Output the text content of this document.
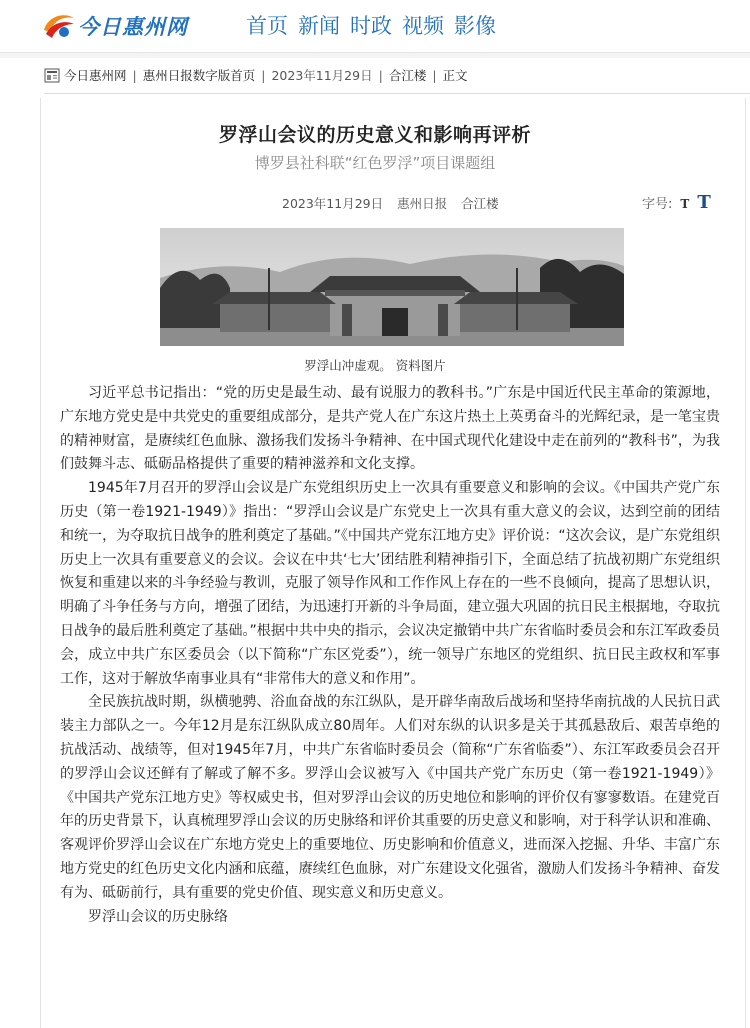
今日惠州网	首页 新闻 时政 视频 影像
今日惠州网 | 惠州日报数字版首页 | 2023年11月29日 | 合江楼 | 正文
罗浮山会议的历史意义和影响再评析
博罗县社科联“红色罗浮”项目课题组
2023年11月29日 惠州日报 合江楼	字号: T T
罗浮山冲虚观。 资料图片

习近平总书记指出：“党的历史是最生动、最有说服力的教科书。”广东是中国近代民主革命的策源地，广东地方党史是中共党史的重要组成部分，是共产党人在广东这片热土上英勇奋斗的光辉纪录，是一笔宝贵的精神财富，是赓续红色血脉、激扬我们发扬斗争精神、在中国式现代化建设中走在前列的“教科书”，为我们鼓舞斗志、砥砺品格提供了重要的精神滋养和文化支撑。

1945年7月召开的罗浮山会议是广东党组织历史上一次具有重要意义和影响的会议。《中国共产党广东历史（第一卷1921-1949）》指出：“罗浮山会议是广东党史上一次具有重大意义的会议，达到空前的团结和统一，为夺取抗日战争的胜利奠定了基础。”《中国共产党东江地方史》评价说：“这次会议，是广东党组织历史上一次具有重要意义的会议。会议在中共‘七大’团结胜利精神指引下，全面总结了抗战初期广东党组织恢复和重建以来的斗争经验与教训，克服了领导作风和工作作风上存在的一些不良倾向，提高了思想认识，明确了斗争任务与方向，增强了团结，为迅速打开新的斗争局面，建立强大巩固的抗日民主根据地，夺取抗日战争的最后胜利奠定了基础。”根据中共中央的指示，会议决定撤销中共广东省临时委员会和东江军政委员会，成立中共广东区委员会（以下简称“广东区党委”），统一领导广东地区的党组织、抗日民主政权和军事工作，这对于解放华南事业具有“非常伟大的意义和作用”。

全民族抗战时期，纵横驰骋、浴血奋战的东江纵队，是开辟华南敌后战场和坚持华南抗战的人民抗日武装主力部队之一。今年12月是东江纵队成立80周年。人们对东纵的认识多是关于其孤悬敌后、艰苦卓绝的抗战活动、战绩等，但对1945年7月，中共广东省临时委员会（简称“广东省临委”）、东江军政委员会召开的罗浮山会议还鲜有了解或了解不多。罗浮山会议被写入《中国共产党广东历史（第一卷1921-1949）》《中国共产党东江地方史》等权威史书，但对罗浮山会议的历史地位和影响的评价仅有寥寥数语。在建党百年的历史背景下，认真梳理罗浮山会议的历史脉络和评价其重要的历史意义和影响，对于科学认识和准确、客观评价罗浮山会议在广东地方党史上的重要地位、历史影响和价值意义，进而深入挖掘、升华、丰富广东地方党史的红色历史文化内涵和底蕴，赓续红色血脉，对广东建设文化强省，激励人们发扬斗争精神、奋发有为、砥砺前行，具有重要的党史价值、现实意义和历史意义。

罗浮山会议的历史脉络
